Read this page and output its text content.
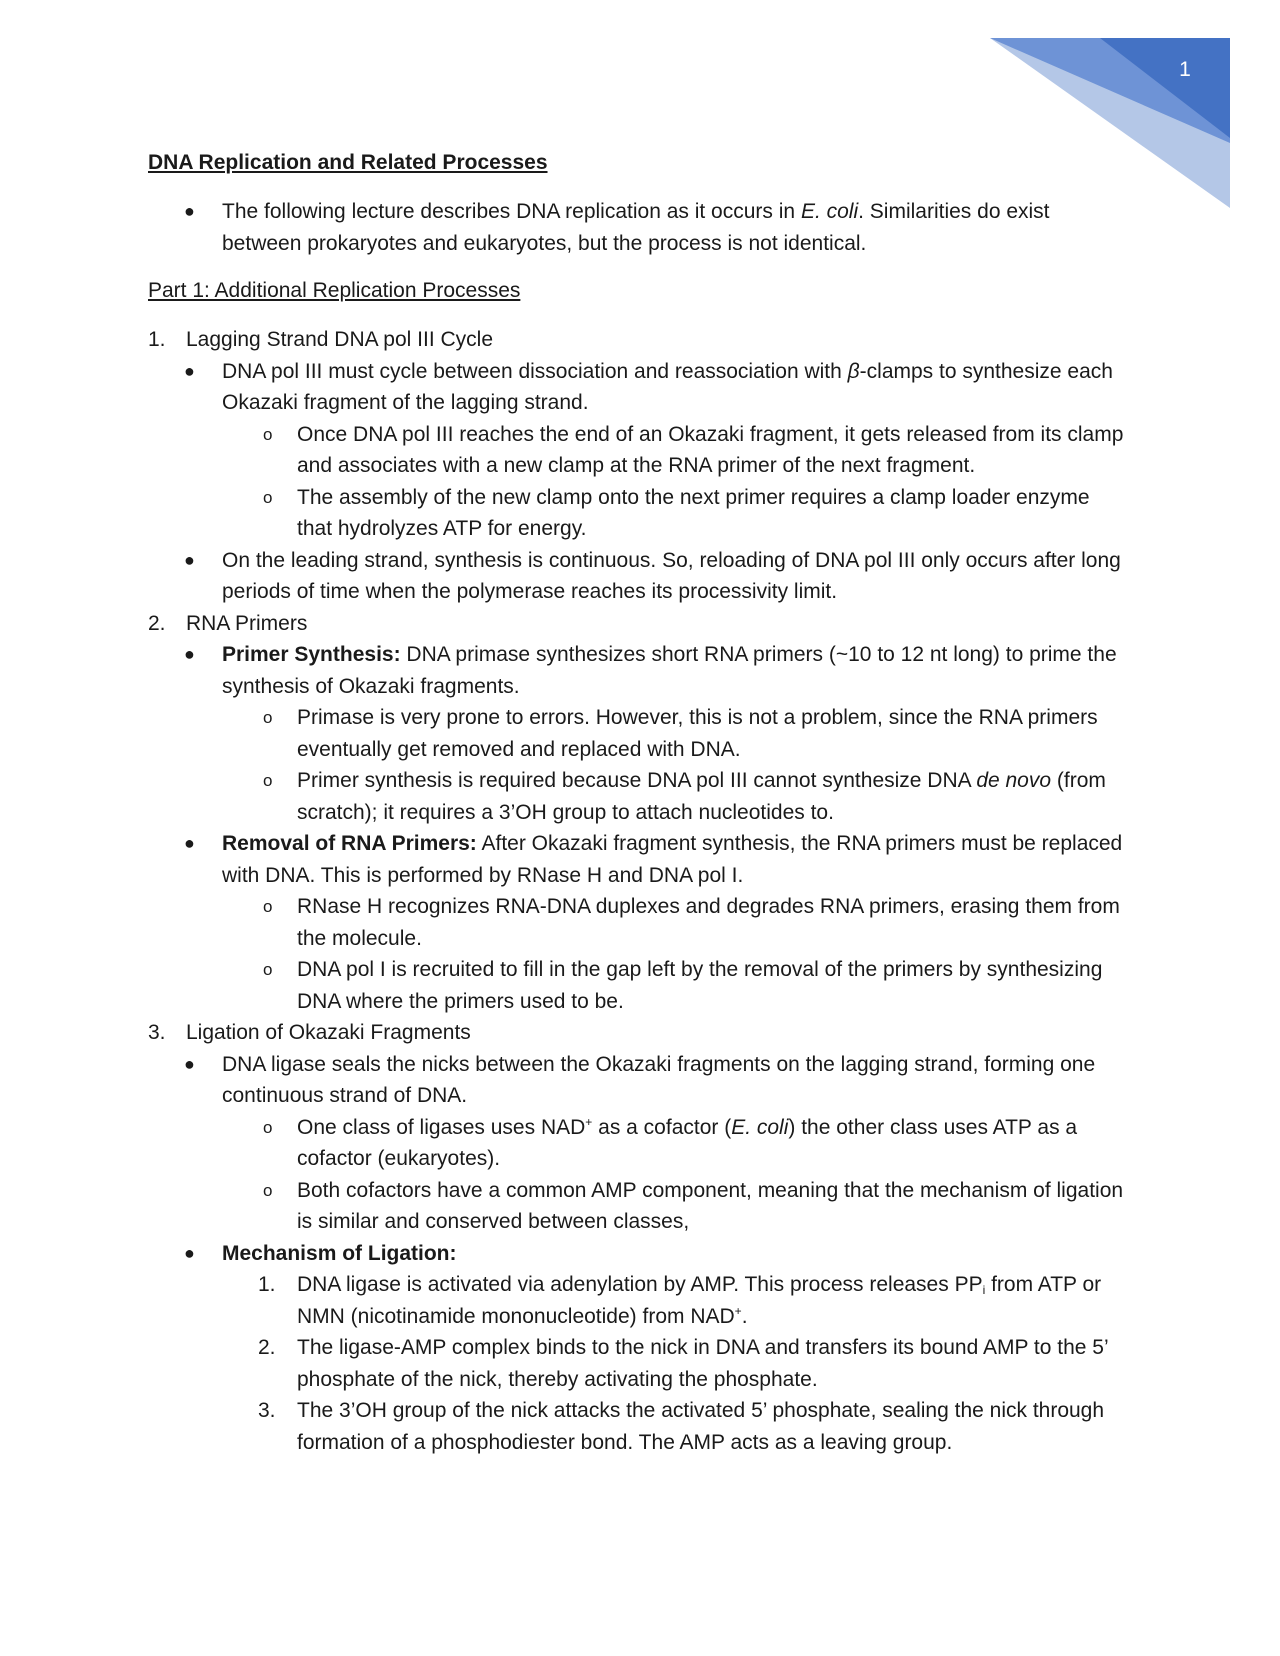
1
DNA Replication and Related Processes
● The following lecture describes DNA replication as it occurs in E. coli. Similarities do exist between prokaryotes and eukaryotes, but the process is not identical.
Part 1: Additional Replication Processes
1. Lagging Strand DNA pol III Cycle
● DNA pol III must cycle between dissociation and reassociation with β-clamps to synthesize each Okazaki fragment of the lagging strand.
o Once DNA pol III reaches the end of an Okazaki fragment, it gets released from its clamp and associates with a new clamp at the RNA primer of the next fragment.
o The assembly of the new clamp onto the next primer requires a clamp loader enzyme that hydrolyzes ATP for energy.
● On the leading strand, synthesis is continuous. So, reloading of DNA pol III only occurs after long periods of time when the polymerase reaches its processivity limit.
2. RNA Primers
● Primer Synthesis: DNA primase synthesizes short RNA primers (~10 to 12 nt long) to prime the synthesis of Okazaki fragments.
o Primase is very prone to errors. However, this is not a problem, since the RNA primers eventually get removed and replaced with DNA.
o Primer synthesis is required because DNA pol III cannot synthesize DNA de novo (from scratch); it requires a 3’OH group to attach nucleotides to.
● Removal of RNA Primers: After Okazaki fragment synthesis, the RNA primers must be replaced with DNA. This is performed by RNase H and DNA pol I.
o RNase H recognizes RNA-DNA duplexes and degrades RNA primers, erasing them from the molecule.
o DNA pol I is recruited to fill in the gap left by the removal of the primers by synthesizing DNA where the primers used to be.
3. Ligation of Okazaki Fragments
● DNA ligase seals the nicks between the Okazaki fragments on the lagging strand, forming one continuous strand of DNA.
o One class of ligases uses NAD+ as a cofactor (E. coli) the other class uses ATP as a cofactor (eukaryotes).
o Both cofactors have a common AMP component, meaning that the mechanism of ligation is similar and conserved between classes,
● Mechanism of Ligation:
1. DNA ligase is activated via adenylation by AMP. This process releases $PP_i$ from ATP or NMN (nicotinamide mononucleotide) from NAD+.
2. The ligase-AMP complex binds to the nick in DNA and transfers its bound AMP to the 5’ phosphate of the nick, thereby activating the phosphate.
3. The 3’OH group of the nick attacks the activated 5’ phosphate, sealing the nick through formation of a phosphodiester bond. The AMP acts as a leaving group.
